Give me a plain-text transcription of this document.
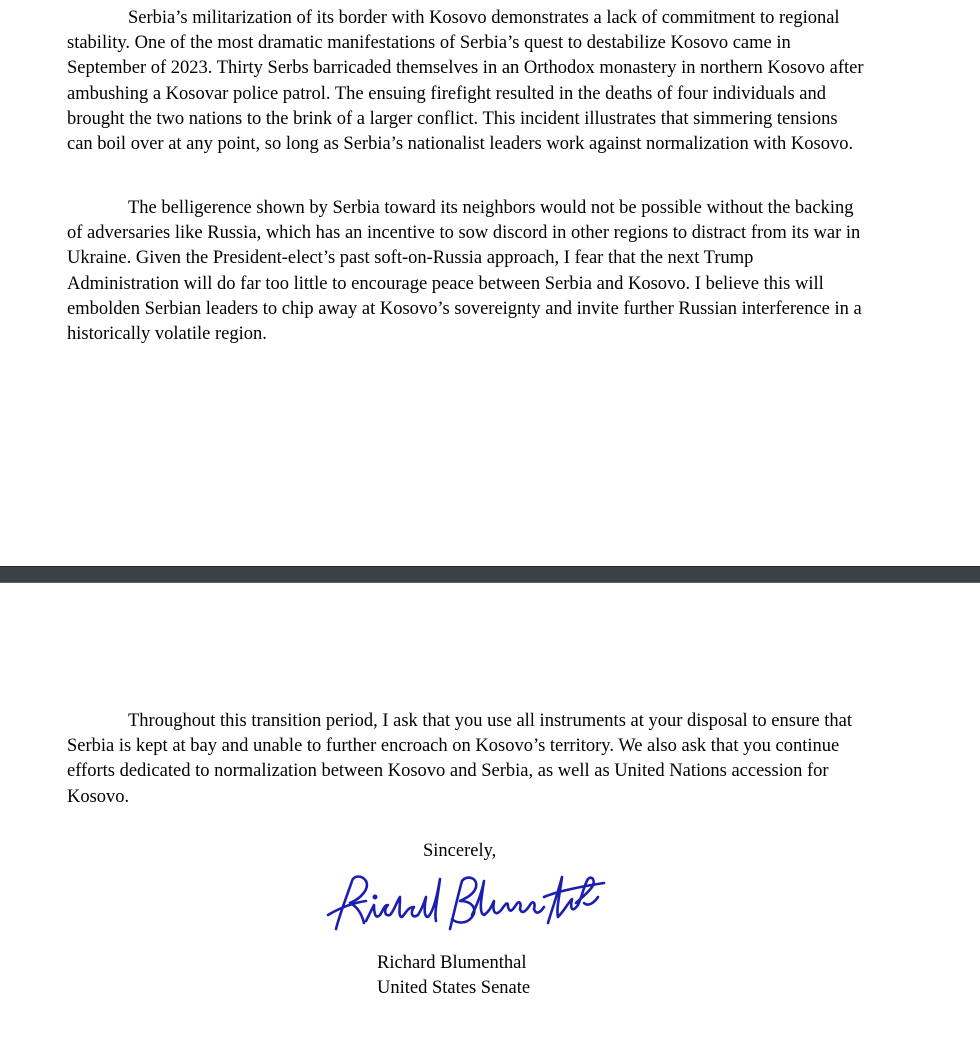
Serbia’s militarization of its border with Kosovo demonstrates a lack of commitment to regional stability. One of the most dramatic manifestations of Serbia’s quest to destabilize Kosovo came in September of 2023. Thirty Serbs barricaded themselves in an Orthodox monastery in northern Kosovo after ambushing a Kosovar police patrol. The ensuing firefight resulted in the deaths of four individuals and brought the two nations to the brink of a larger conflict. This incident illustrates that simmering tensions can boil over at any point, so long as Serbia’s nationalist leaders work against normalization with Kosovo.

The belligerence shown by Serbia toward its neighbors would not be possible without the backing of adversaries like Russia, which has an incentive to sow discord in other regions to distract from its war in Ukraine. Given the President-elect’s past soft-on-Russia approach, I fear that the next Trump Administration will do far too little to encourage peace between Serbia and Kosovo. I believe this will embolden Serbian leaders to chip away at Kosovo’s sovereignty and invite further Russian interference in a historically volatile region.

Throughout this transition period, I ask that you use all instruments at your disposal to ensure that Serbia is kept at bay and unable to further encroach on Kosovo’s territory. We also ask that you continue efforts dedicated to normalization between Kosovo and Serbia, as well as United Nations accession for Kosovo.

Sincerely,

Richard Blumenthal
United States Senate
